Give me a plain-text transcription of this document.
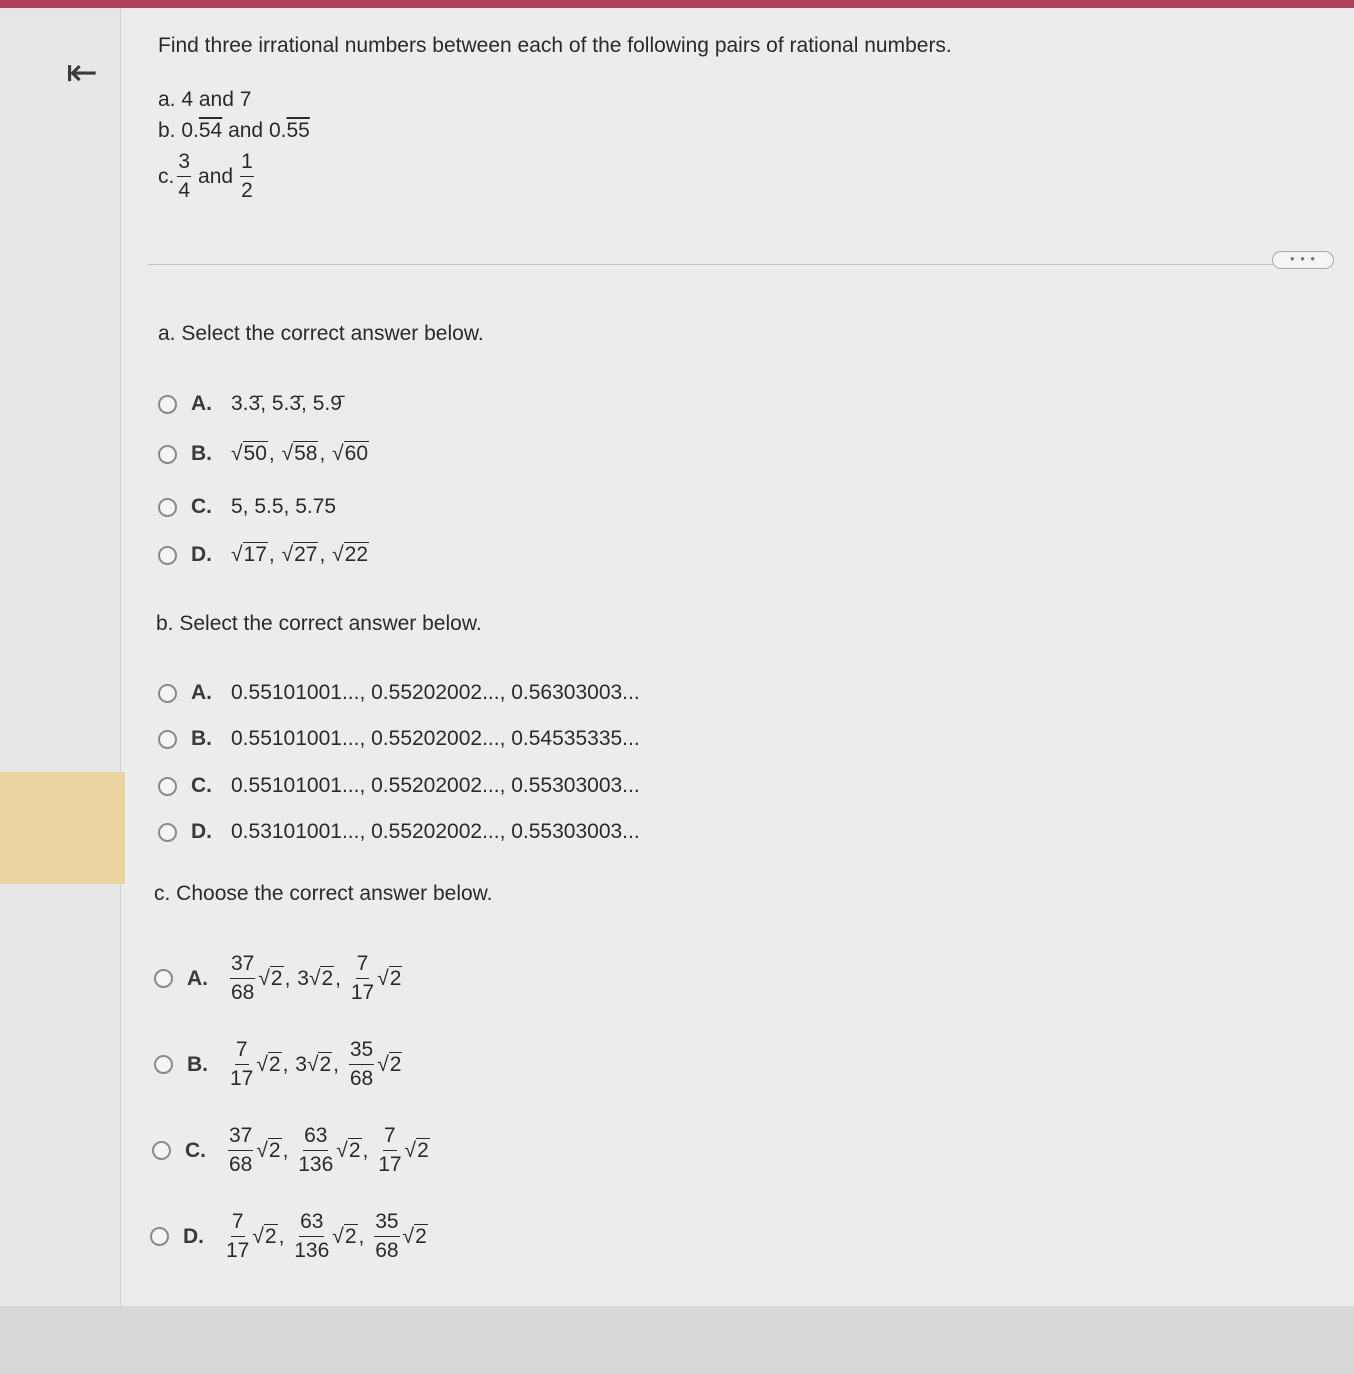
⇤
Find three irrational numbers between each of the following pairs of rational numbers.
a. 4 and 7
b. 0.54 and 0.55
c. $\frac{3}{4}$ and $\frac{1}{2}$
• • •
a. Select the correct answer below.
A. 3.3̄, 5.3̄, 5.9̄
B. √50 , √58 , √60
C. 5, 5.5, 5.75
D. √17 , √27 , √22
b. Select the correct answer below.
A. 0.55101001..., 0.55202002..., 0.56303003...
B. 0.55101001..., 0.55202002..., 0.54535335...
C. 0.55101001..., 0.55202002..., 0.55303003...
D. 0.53101001..., 0.55202002..., 0.55303003...
c. Choose the correct answer below.
A.	$\frac{37}{68} √2$ , 3 √2 , $\frac{7}{17} √2$
B.	$\frac{7}{17} √2$ , 3 √2 , $\frac{35}{68} √2$
C.	$\frac{37}{68} √2$ , $\frac{63}{136} √2$ , $\frac{7}{17} √2$
D.	$\frac{7}{17} √2$ , $\frac{63}{136} √2$ , $\frac{35}{68} √2$
